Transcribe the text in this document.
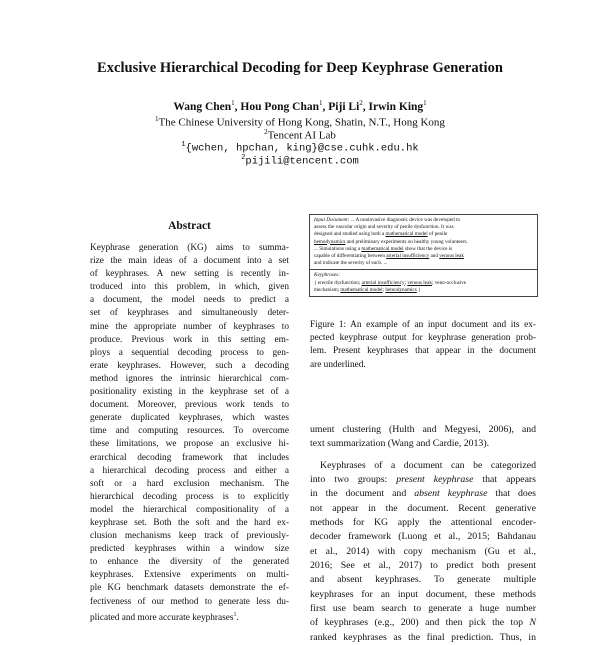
Exclusive Hierarchical Decoding for Deep Keyphrase Generation
Wang Chen$^1$, Hou Pong Chan$^1$, Piji Li$^2$, Irwin King$^1$
$^1$The Chinese University of Hong Kong, Shatin, N.T., Hong Kong
$^2$Tencent AI Lab
$^1${wchen, hpchan, king}@cse.cuhk.edu.hk
$^2$pijili@tencent.com
Abstract
Keyphrase generation (KG) aims to summa-
rize the main ideas of a document into a set
of keyphrases. A new setting is recently in-
troduced into this problem, in which, given
a document, the model needs to predict a
set of keyphrases and simultaneously deter-
mine the appropriate number of keyphrases to
produce. Previous work in this setting em-
ploys a sequential decoding process to gen-
erate keyphrases. However, such a decoding
method ignores the intrinsic hierarchical com-
positionality existing in the keyphrase set of a
document. Moreover, previous work tends to
generate duplicated keyphrases, which wastes
time and computing resources. To overcome
these limitations, we propose an exclusive hi-
erarchical decoding framework that includes
a hierarchical decoding process and either a
soft or a hard exclusion mechanism. The
hierarchical decoding process is to explicitly
model the hierarchical compositionality of a
keyphrase set. Both the soft and the hard ex-
clusion mechanisms keep track of previously-
predicted keyphrases within a window size
to enhance the diversity of the generated
keyphrases. Extensive experiments on multi-
ple KG benchmark datasets demonstrate the ef-
fectiveness of our method to generate less du-
plicated and more accurate keyphrases$^1$.
Input Document: ... A noninvasive diagnostic device was developed to
assess the vascular origin and severity of penile dysfunction. It was
designed and studied using both a mathematical model of penile
hemodynamics and preliminary experiments on healthy young volunteers.
... Simulations using a mathematical model show that the device is
capable of differentiating between arterial insufficiency and venous leak
and indicate the severity of each. ...
Keyphrases:
{ erectile dysfunction; arterial insufficiency; venous leak; veno-occlusive
mechanism; mathematical model; hemodynamics }
Figure 1: An example of an input document and its ex-
pected keyphrase output for keyphrase generation prob-
lem. Present keyphrases that appear in the document
are underlined.
ument clustering (Hulth and Megyesi, 2006), and
text summarization (Wang and Cardie, 2013).
Keyphrases of a document can be categorized
into two groups: present keyphrase that appears
in the document and absent keyphrase that does
not appear in the document. Recent generative
methods for KG apply the attentional encoder-
decoder framework (Luong et al., 2015; Bahdanau
et al., 2014) with copy mechanism (Gu et al.,
2016; See et al., 2017) to predict both present
and absent keyphrases. To generate multiple
keyphrases for an input document, these methods
first use beam search to generate a huge number
of keyphrases (e.g., 200) and then pick the top N
ranked keyphrases as the final prediction. Thus, in
